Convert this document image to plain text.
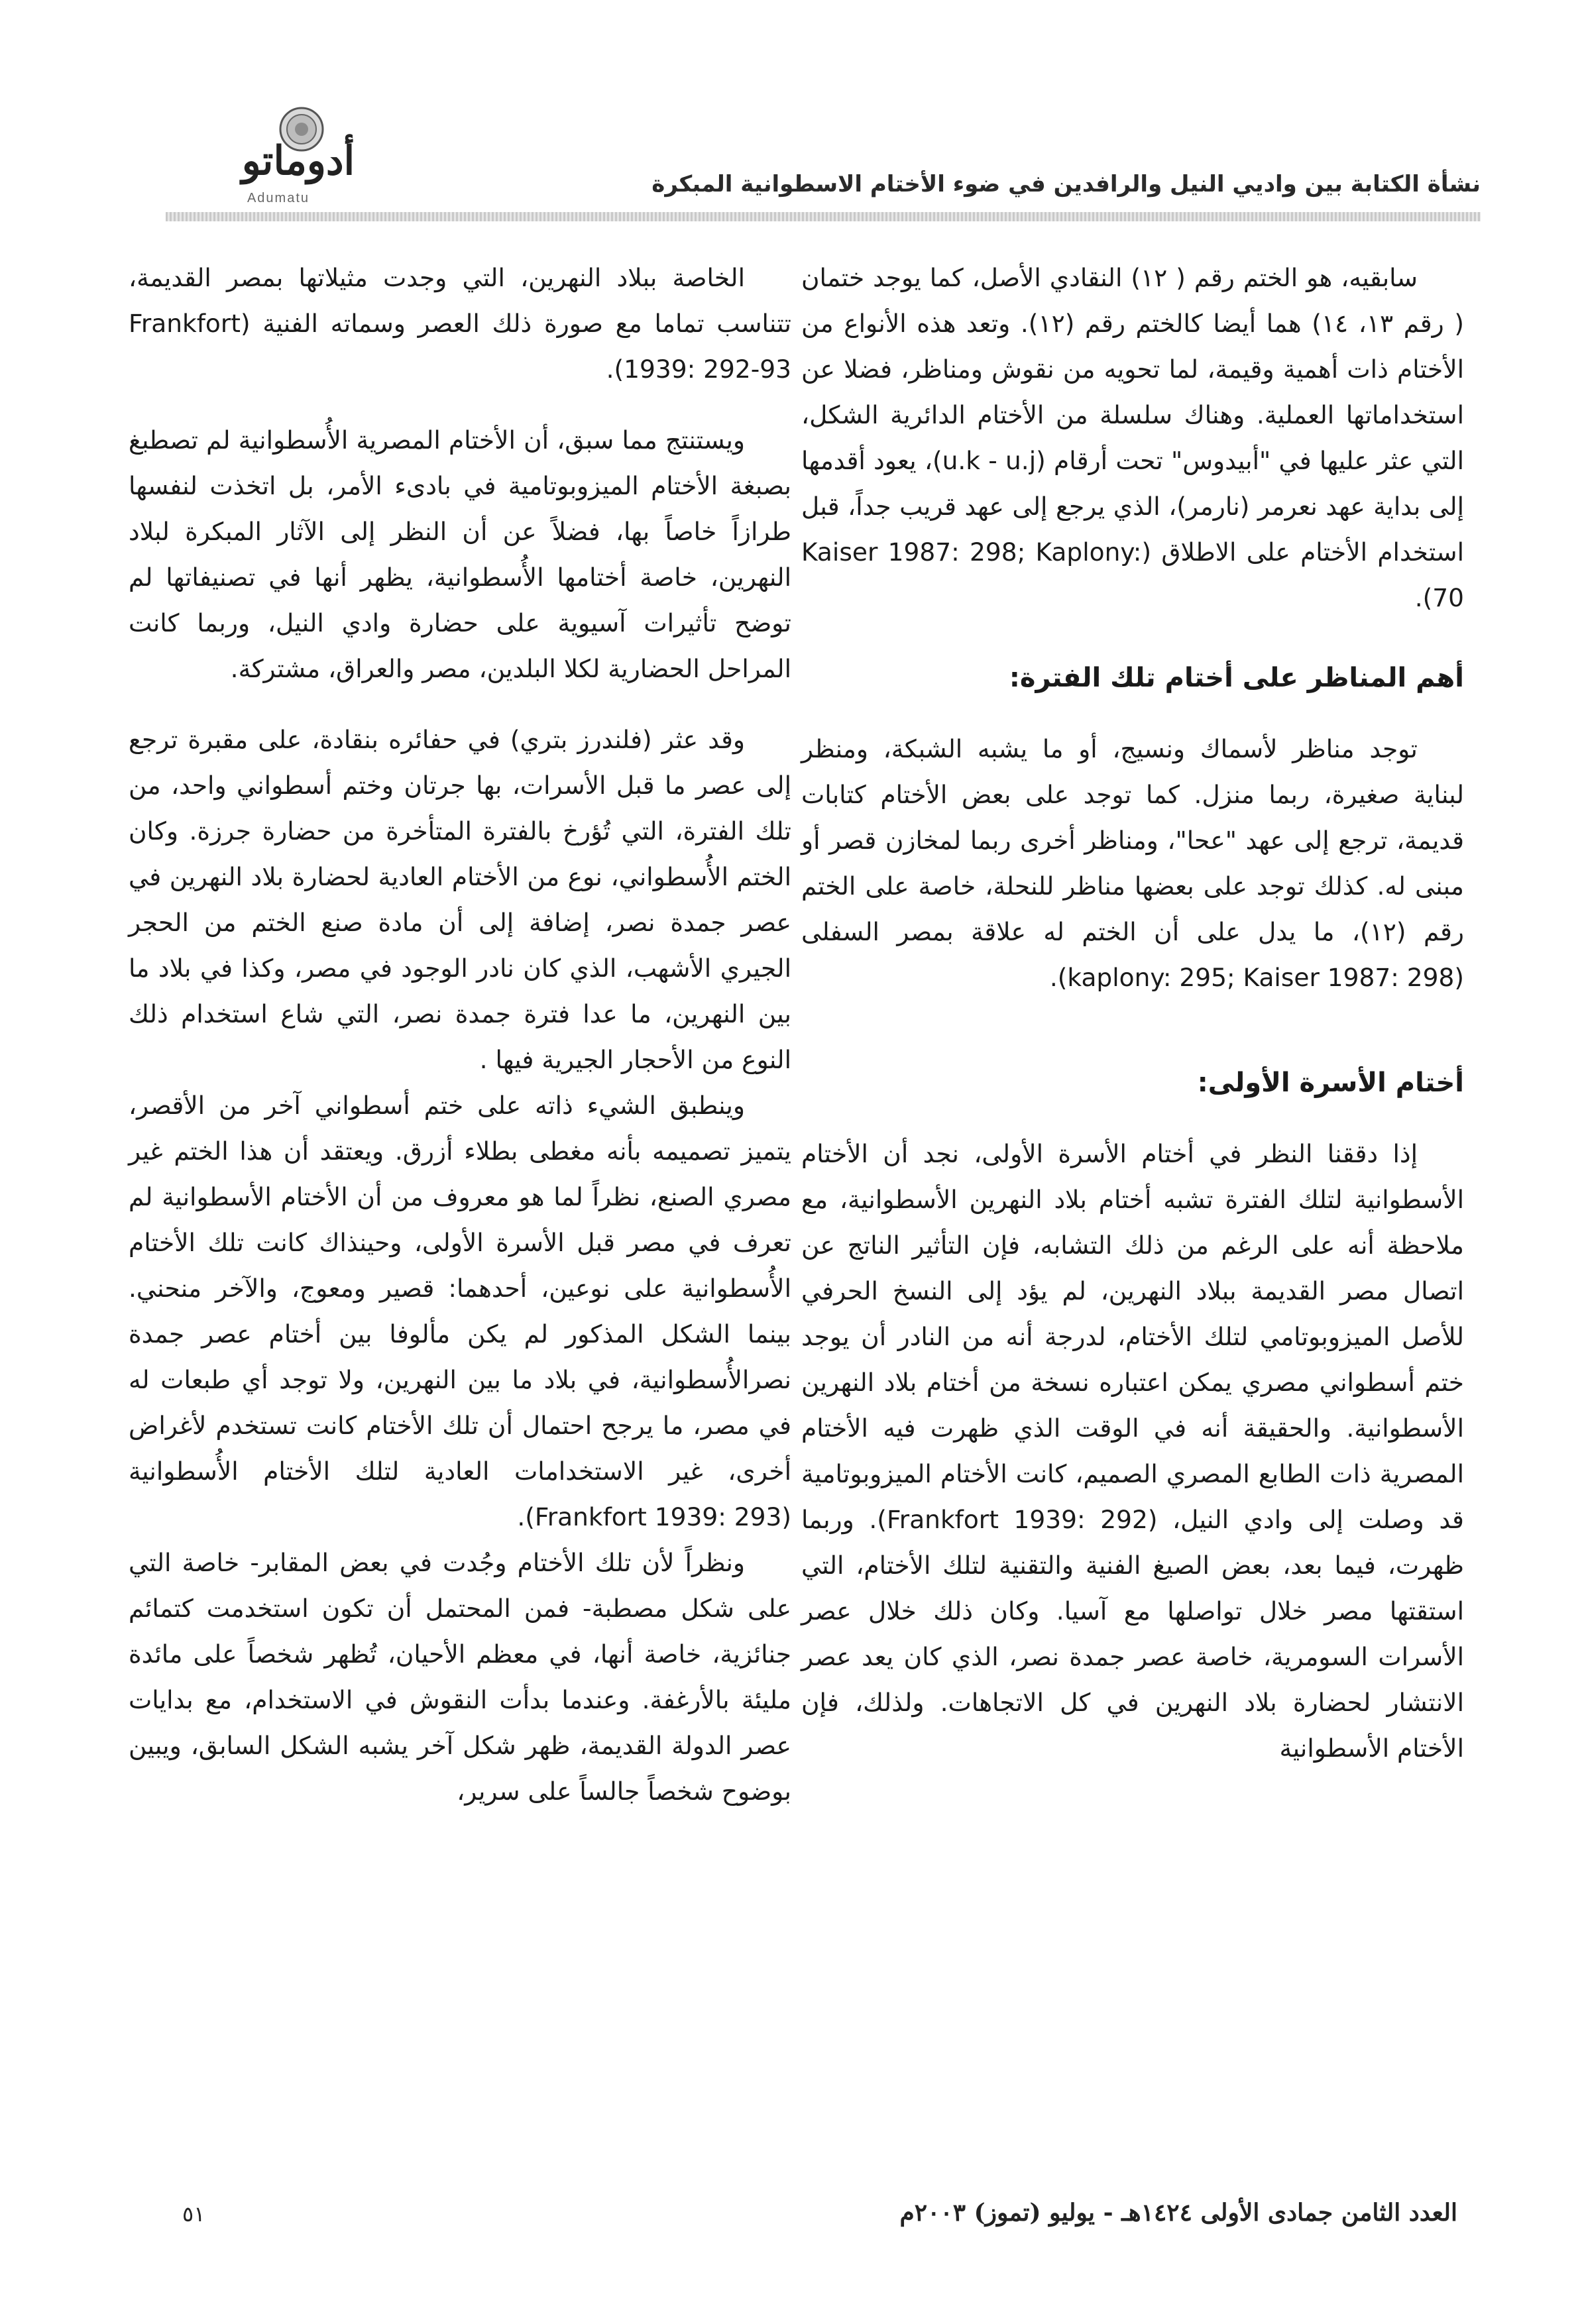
أدوماتو
Adumatu
نشأة الكتابة بين واديي النيل والرافدين في ضوء الأختام الاسطوانية المبكرة

سابقيه، هو الختم رقم ( ١٢) النقادي الأصل، كما يوجد ختمان ( رقم ١٣، ١٤) هما أيضا كالختم رقم (١٢). وتعد هذه الأنواع من الأختام ذات أهمية وقيمة، لما تحويه من نقوش ومناظر، فضلا عن استخداماتها العملية. وهناك سلسلة من الأختام الدائرية الشكل، التي عثر عليها في "أبيدوس" تحت أرقام (u.k - u.j)، يعود أقدمها إلى بداية عهد نعرمر (نارمر)، الذي يرجع إلى عهد قريب جداً، قبل استخدام الأختام على الاطلاق (Kaiser 1987: 298; Kaplony: 70).

أهم المناظر على أختام تلك الفترة:

توجد مناظر لأسماك ونسيج، أو ما يشبه الشبكة، ومنظر لبناية صغيرة، ربما منزل. كما توجد على بعض الأختام كتابات قديمة، ترجع إلى عهد "عحا"، ومناظر أخرى ربما لمخازن قصر أو مبنى له. كذلك توجد على بعضها مناظر للنحلة، خاصة على الختم رقم (١٢)، ما يدل على أن الختم له علاقة بمصر السفلى (kaplony: 295; Kaiser 1987: 298).

أختام الأسرة الأولى:

إذا دققنا النظر في أختام الأسرة الأولى، نجد أن الأختام الأسطوانية لتلك الفترة تشبه أختام بلاد النهرين الأسطوانية، مع ملاحظة أنه على الرغم من ذلك التشابه، فإن التأثير الناتج عن اتصال مصر القديمة ببلاد النهرين، لم يؤد إلى النسخ الحرفي للأصل الميزوبوتامي لتلك الأختام، لدرجة أنه من النادر أن يوجد ختم أسطواني مصري يمكن اعتباره نسخة من أختام بلاد النهرين الأسطوانية. والحقيقة أنه في الوقت الذي ظهرت فيه الأختام المصرية ذات الطابع المصري الصميم، كانت الأختام الميزوبوتامية قد وصلت إلى وادي النيل، (Frankfort 1939: 292). وربما ظهرت، فيما بعد، بعض الصيغ الفنية والتقنية لتلك الأختام، التي استقتها مصر خلال تواصلها مع آسيا. وكان ذلك خلال عصر الأسرات السومرية، خاصة عصر جمدة نصر، الذي كان يعد عصر الانتشار لحضارة بلاد النهرين في كل الاتجاهات. ولذلك، فإن الأختام الأسطوانية

الخاصة ببلاد النهرين، التي وجدت مثيلاتها بمصر القديمة، تتناسب تماما مع صورة ذلك العصر وسماته الفنية (Frankfort 1939: 292-93).

ويستنتج مما سبق، أن الأختام المصرية الأُسطوانية لم تصطبغ بصبغة الأختام الميزوبوتامية في بادىء الأمر، بل اتخذت لنفسها طرازاً خاصاً بها، فضلاً عن أن النظر إلى الآثار المبكرة لبلاد النهرين، خاصة أختامها الأُسطوانية، يظهر أنها في تصنيفاتها لم توضح تأثيرات آسيوية على حضارة وادي النيل، وربما كانت المراحل الحضارية لكلا البلدين، مصر والعراق، مشتركة.

وقد عثر (فلندرز بتري) في حفائره بنقادة، على مقبرة ترجع إلى عصر ما قبل الأسرات، بها جرتان وختم أسطواني واحد، من تلك الفترة، التي تُؤرخ بالفترة المتأخرة من حضارة جرزة. وكان الختم الأُسطواني، نوع من الأختام العادية لحضارة بلاد النهرين في عصر جمدة نصر، إضافة إلى أن مادة صنع الختم من الحجر الجيري الأشهب، الذي كان نادر الوجود في مصر، وكذا في بلاد ما بين النهرين، ما عدا فترة جمدة نصر، التي شاع استخدام ذلك النوع من الأحجار الجيرية فيها .

وينطبق الشيء ذاته على ختم أسطواني آخر من الأقصر، يتميز تصميمه بأنه مغطى بطلاء أزرق. ويعتقد أن هذا الختم غير مصري الصنع، نظراً لما هو معروف من أن الأختام الأسطوانية لم تعرف في مصر قبل الأسرة الأولى، وحينذاك كانت تلك الأختام الأُسطوانية على نوعين، أحدهما: قصير ومعوج، والآخر منحني. بينما الشكل المذكور لم يكن مألوفا بين أختام عصر جمدة نصرالأُسطوانية، في بلاد ما بين النهرين، ولا توجد أي طبعات له في مصر، ما يرجح احتمال أن تلك الأختام كانت تستخدم لأغراض أخرى، غير الاستخدامات العادية لتلك الأختام الأُسطوانية (Frankfort 1939: 293).

ونظراً لأن تلك الأختام وجُدت في بعض المقابر- خاصة التي على شكل مصطبة- فمن المحتمل أن تكون استخدمت كتمائم جنائزية، خاصة أنها، في معظم الأحيان، تُظهر شخصاً على مائدة مليئة بالأرغفة. وعندما بدأت النقوش في الاستخدام، مع بدايات عصر الدولة القديمة، ظهر شكل آخر يشبه الشكل السابق، ويبين بوضوح شخصاً جالساً على سرير،

العدد الثامن جمادى الأولى ١٤٢٤هـ - يوليو (تموز) ٢٠٠٣م
٥١
